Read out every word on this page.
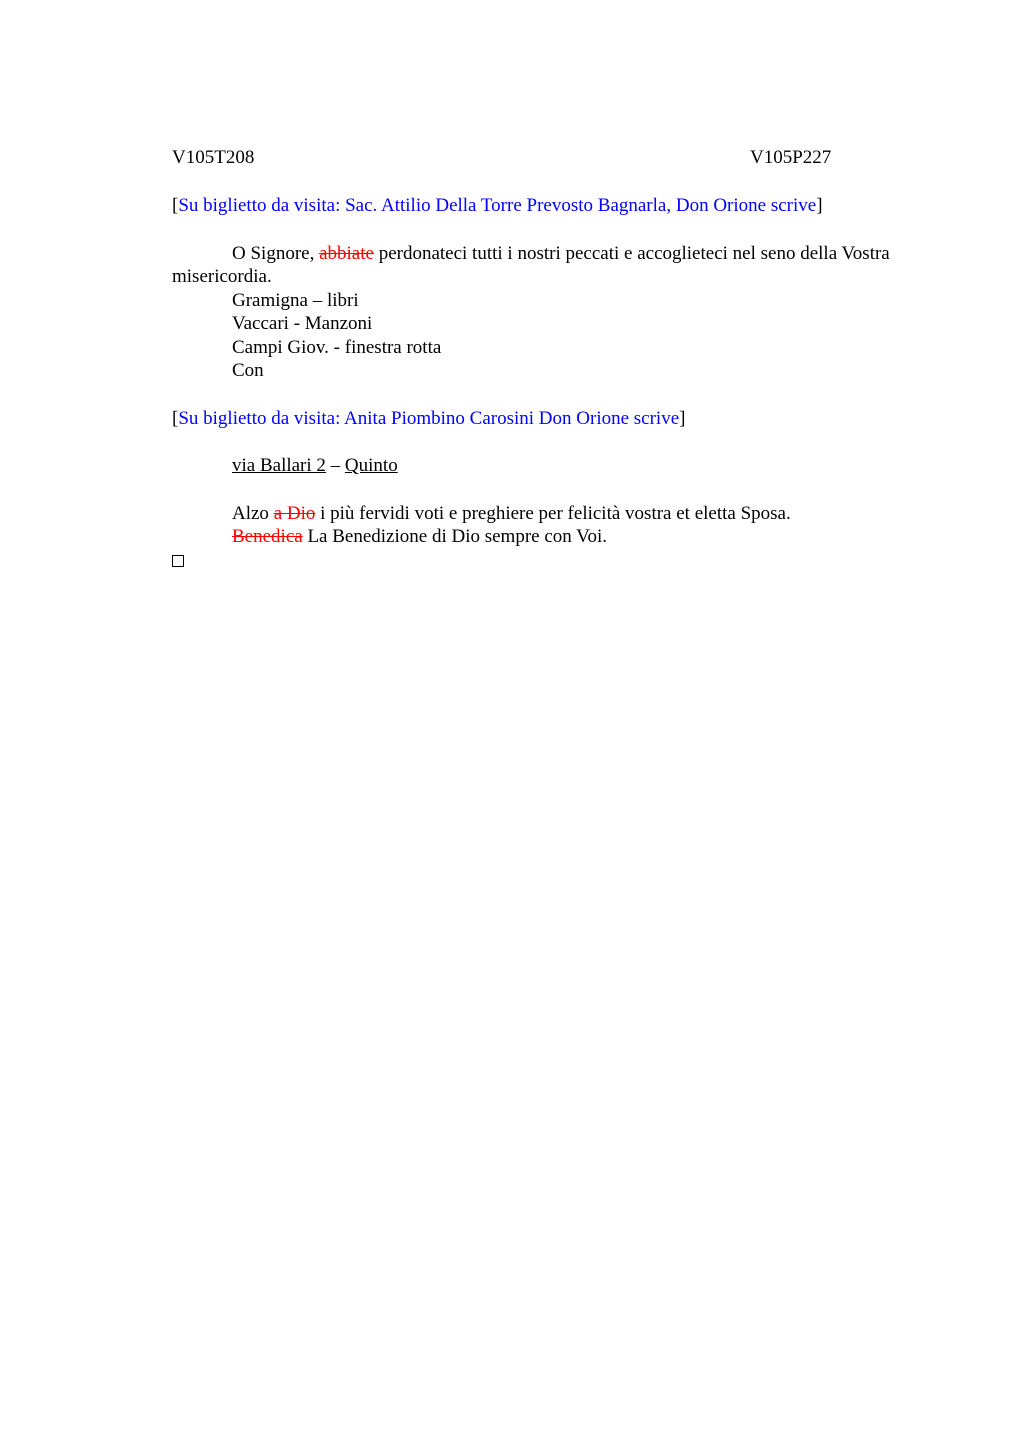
V105T208	V105P227
[Su biglietto da visita: Sac. Attilio Della Torre Prevosto Bagnarla, Don Orione scrive]

O Signore, abbiate perdonateci tutti i nostri peccati e accoglieteci nel seno della Vostra misericordia.

Gramigna – libri
Vaccari - Manzoni
Campi Giov. - finestra rotta
Con
[Su biglietto da visita: Anita Piombino Carosini Don Orione scrive]
via Ballari 2 – Quinto
Alzo a Dio i più fervidi voti e preghiere per felicità vostra et eletta Sposa.
Benedica La Benedizione di Dio sempre con Voi.
